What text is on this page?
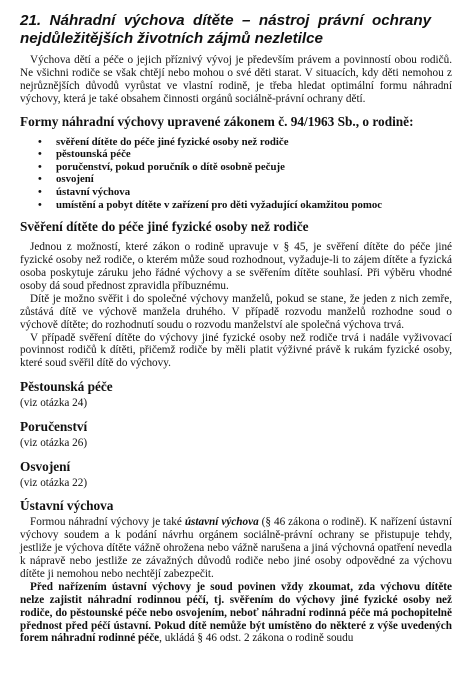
21.  Náhradní  výchova  dítěte  –  nástroj  právní  ochrany nejdůležitějších životních zájmů nezletilce

Výchova dětí a péče o jejich příznivý vývoj je především právem a povinností obou rodičů. Ne všichni rodiče se však chtějí nebo mohou o své děti starat. V situacích, kdy děti nemohou z nejrůznějších důvodů vyrůstat ve vlastní rodině, je třeba hledat optimální formu náhradní výchovy, která je také obsahem činnosti orgánů sociálně-právní ochrany dětí.

Formy náhradní výchovy upravené zákonem č. 94/1963 Sb., o rodině:
• svěření dítěte do péče jiné fyzické osoby než rodiče
• pěstounská péče
• poručenství, pokud poručník o dítě osobně pečuje
• osvojení
• ústavní výchova
• umístění a pobyt dítěte v zařízení pro děti vyžadující okamžitou pomoc
Svěření dítěte do péče jiné fyzické osoby než rodiče

Jednou z možností, které zákon o rodině upravuje v § 45, je svěření dítěte do péče jiné fyzické osoby než rodiče, o kterém může soud rozhodnout, vyžaduje-li to zájem dítěte a fyzická osoba poskytuje záruku jeho řádné výchovy a se svěřením dítěte souhlasí. Při výběru vhodné osoby dá soud přednost zpravidla příbuznému.

Dítě je možno svěřit i do společné výchovy manželů, pokud se stane, že jeden z nich zemře, zůstává dítě ve výchově manžela druhého. V případě rozvodu manželů rozhodne soud o výchově dítěte; do rozhodnutí soudu o rozvodu manželství ale společná výchova trvá.

V případě svěření dítěte do výchovy jiné fyzické osoby než rodiče trvá i nadále vyživovací povinnost rodičů k dítěti, přičemž rodiče by měli platit výživné právě k rukám fyzické osoby, které soud svěřil dítě do výchovy.

Pěstounská péče
(viz otázka 24)
Poručenství
(viz otázka 26)
Osvojení
(viz otázka 22)
Ústavní výchova

Formou náhradní výchovy je také ústavní výchova (§ 46 zákona o rodině). K nařízení ústavní výchovy soudem a k podání návrhu orgánem sociálně-právní ochrany se přistupuje tehdy, jestliže je výchova dítěte vážně ohrožena nebo vážně narušena a jiná výchovná opatření nevedla k nápravě nebo jestliže ze závažných důvodů rodiče nebo jiné osoby odpovědné za výchovu dítěte ji nemohou nebo nechtějí zabezpečit.

Před nařízením ústavní výchovy je soud povinen vždy zkoumat, zda výchovu dítěte nelze zajistit náhradní rodinnou péčí, tj. svěřením do výchovy jiné fyzické osoby než rodiče, do pěstounské péče nebo osvojením, neboť náhradní rodinná péče má pochopitelně přednost před péčí ústavní. Pokud dítě nemůže být umístěno do některé z výše uvedených forem náhradní rodinné péče, ukládá § 46 odst. 2 zákona o rodině soudu
